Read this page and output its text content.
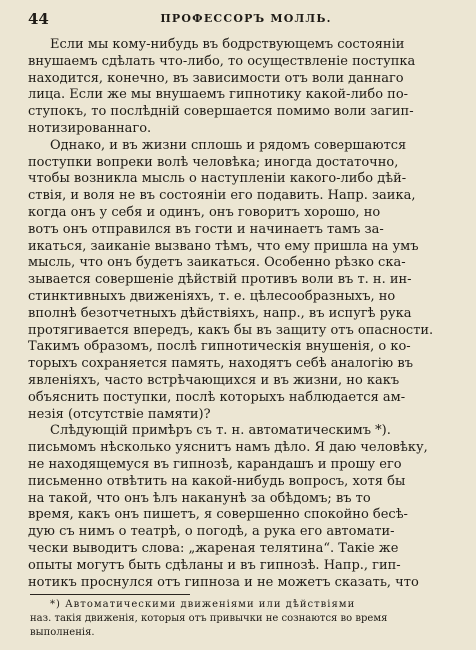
44	ПРОФЕССОРЪ МОЛЛЬ.
Если мы кому-нибудь въ бодрствующемъ состояніи
внушаемъ сдѣлать что-либо, то осуществленіе поступка
находится, конечно, въ зависимости отъ воли даннаго
лица. Если же мы внушаемъ гипнотику какой-либо по-
ступокъ, то послѣдній совершается помимо воли загип-
нотизированнаго.
Однако, и въ жизни сплошь и рядомъ совершаются
поступки вопреки волѣ человѣка; иногда достаточно,
чтобы возникла мысль о наступленіи какого-либо дѣй-
ствія, и воля не въ состояніи его подавить. Напр. заика,
когда онъ у себя и одинъ, онъ говоритъ хорошо, но
вотъ онъ отправился въ гости и начинаетъ тамъ за-
икаться, заиканіе вызвано тѣмъ, что ему пришла на умъ
мысль, что онъ будетъ заикаться. Особенно рѣзко ска-
зывается совершеніе дѣйствій противъ воли въ т. н. ин-
стинктивныхъ движеніяхъ, т. е. цѣлесообразныхъ, но
вполнѣ безотчетныхъ дѣйствіяхъ, напр., въ испугѣ рука
протягивается впередъ, какъ бы въ защиту отъ опасности.
Такимъ образомъ, послѣ гипнотическія внушенія, о ко-
торыхъ сохраняется память, находятъ себѣ аналогію въ
явленіяхъ, часто встрѣчающихся и въ жизни, но какъ
объяснить поступки, послѣ которыхъ наблюдается ам-
незія (отсутствіе памяти)?
Слѣдующій примѣръ съ т. н. автоматическимъ *).
письмомъ нѣсколько уяснитъ намъ дѣло. Я даю человѣку,
не находящемуся въ гипнозѣ, карандашъ и прошу его
письменно отвѣтить на какой-нибудь вопросъ, хотя бы
на такой, что онъ ѣлъ наканунѣ за обѣдомъ; въ то
время, какъ онъ пишетъ, я совершенно спокойно бесѣ-
дую съ нимъ о театрѣ, о погодѣ, а рука его автомати-
чески выводитъ слова: „жареная телятина“. Такіе же
опыты могутъ быть сдѣланы и въ гипнозѣ. Напр., гип-
нотикъ проснулся отъ гипноза и не можетъ сказать, что
*) Автоматическими движеніями или дѣйствіями
наз. такія движенія, которыя отъ привычки не сознаются во время
выполненія.
